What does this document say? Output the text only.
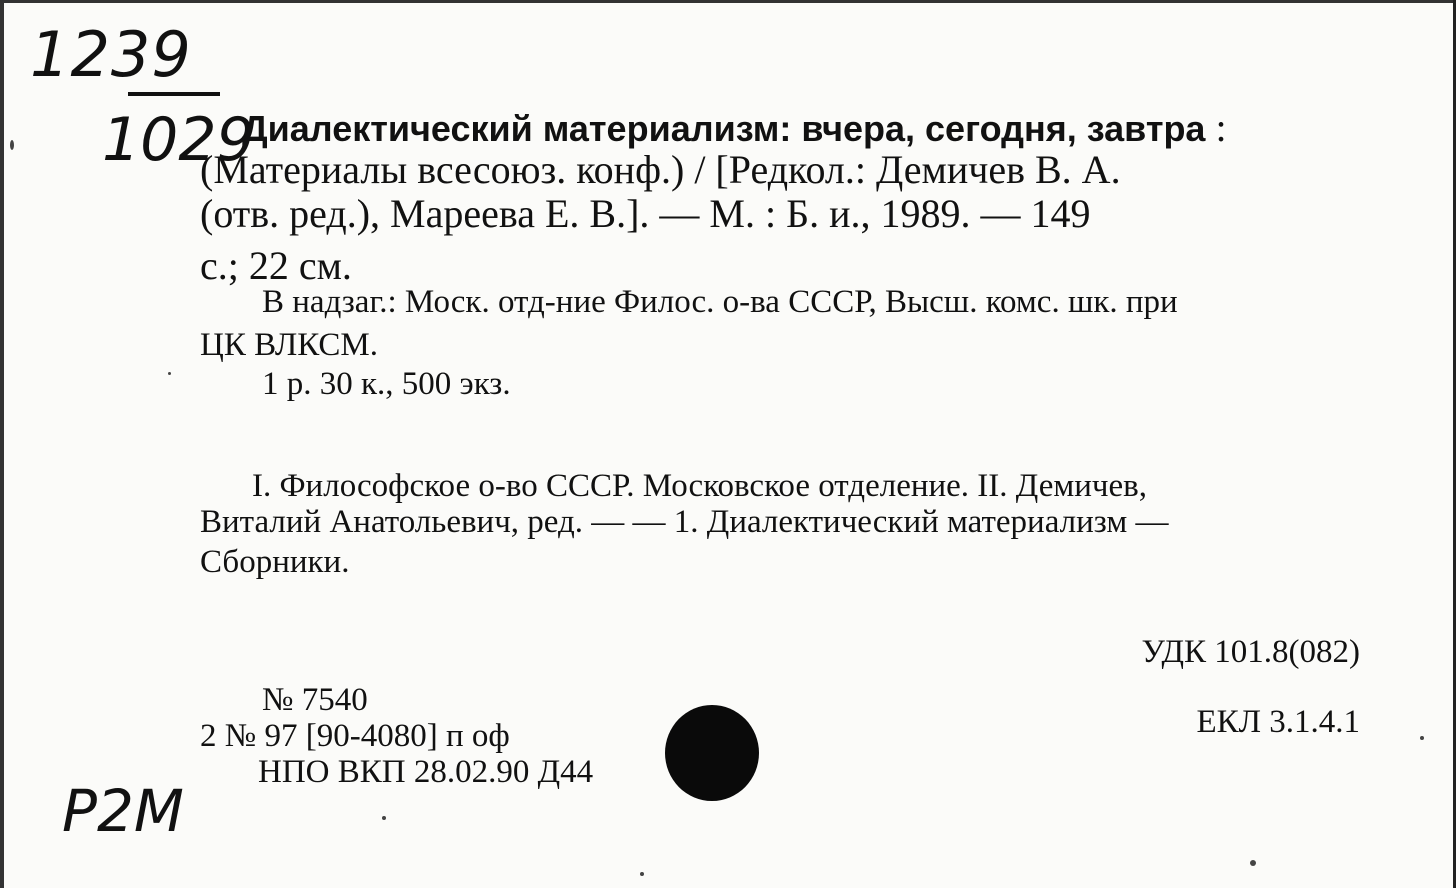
1239
1029
Диалектический материализм: вчера, сегодня, завтра :
(Материалы всесоюз. конф.) / [Редкол.: Демичев В. А.
(отв. ред.), Мареева Е. В.]. — М. : Б. и., 1989. — 149
с.; 22 см.
В надзаг.: Моск. отд-ние Филос. о-ва СССР, Высш. комс. шк. при
ЦК ВЛКСМ.
1 р. 30 к., 500 экз.
I. Философское о-во СССР. Московское отделение. II. Демичев,
Виталий Анатольевич, ред. — — 1. Диалектический материализм —
Сборники.
УДК 101.8(082)
ЕКЛ 3.1.4.1
№ 7540
2 № 97 [90-4080] п оф
НПО ВКП 28.02.90 Д44
P2M
